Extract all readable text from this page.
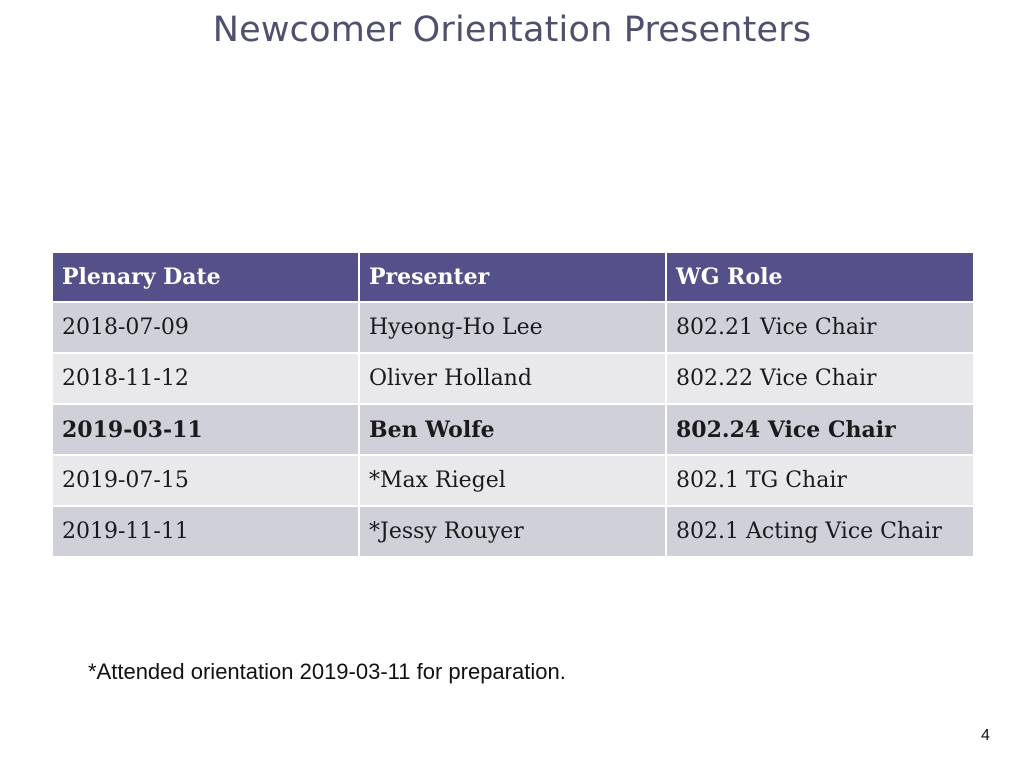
Newcomer Orientation Presenters
Plenary Date	Presenter	WG Role
2018-07-09	Hyeong-Ho Lee	802.21 Vice Chair
2018-11-12	Oliver Holland	802.22 Vice Chair
2019-03-11	Ben Wolfe	802.24 Vice Chair
2019-07-15	*Max Riegel	802.1 TG Chair
2019-11-11	*Jessy Rouyer	802.1 Acting Vice Chair
*Attended orientation 2019-03-11 for preparation.
4
